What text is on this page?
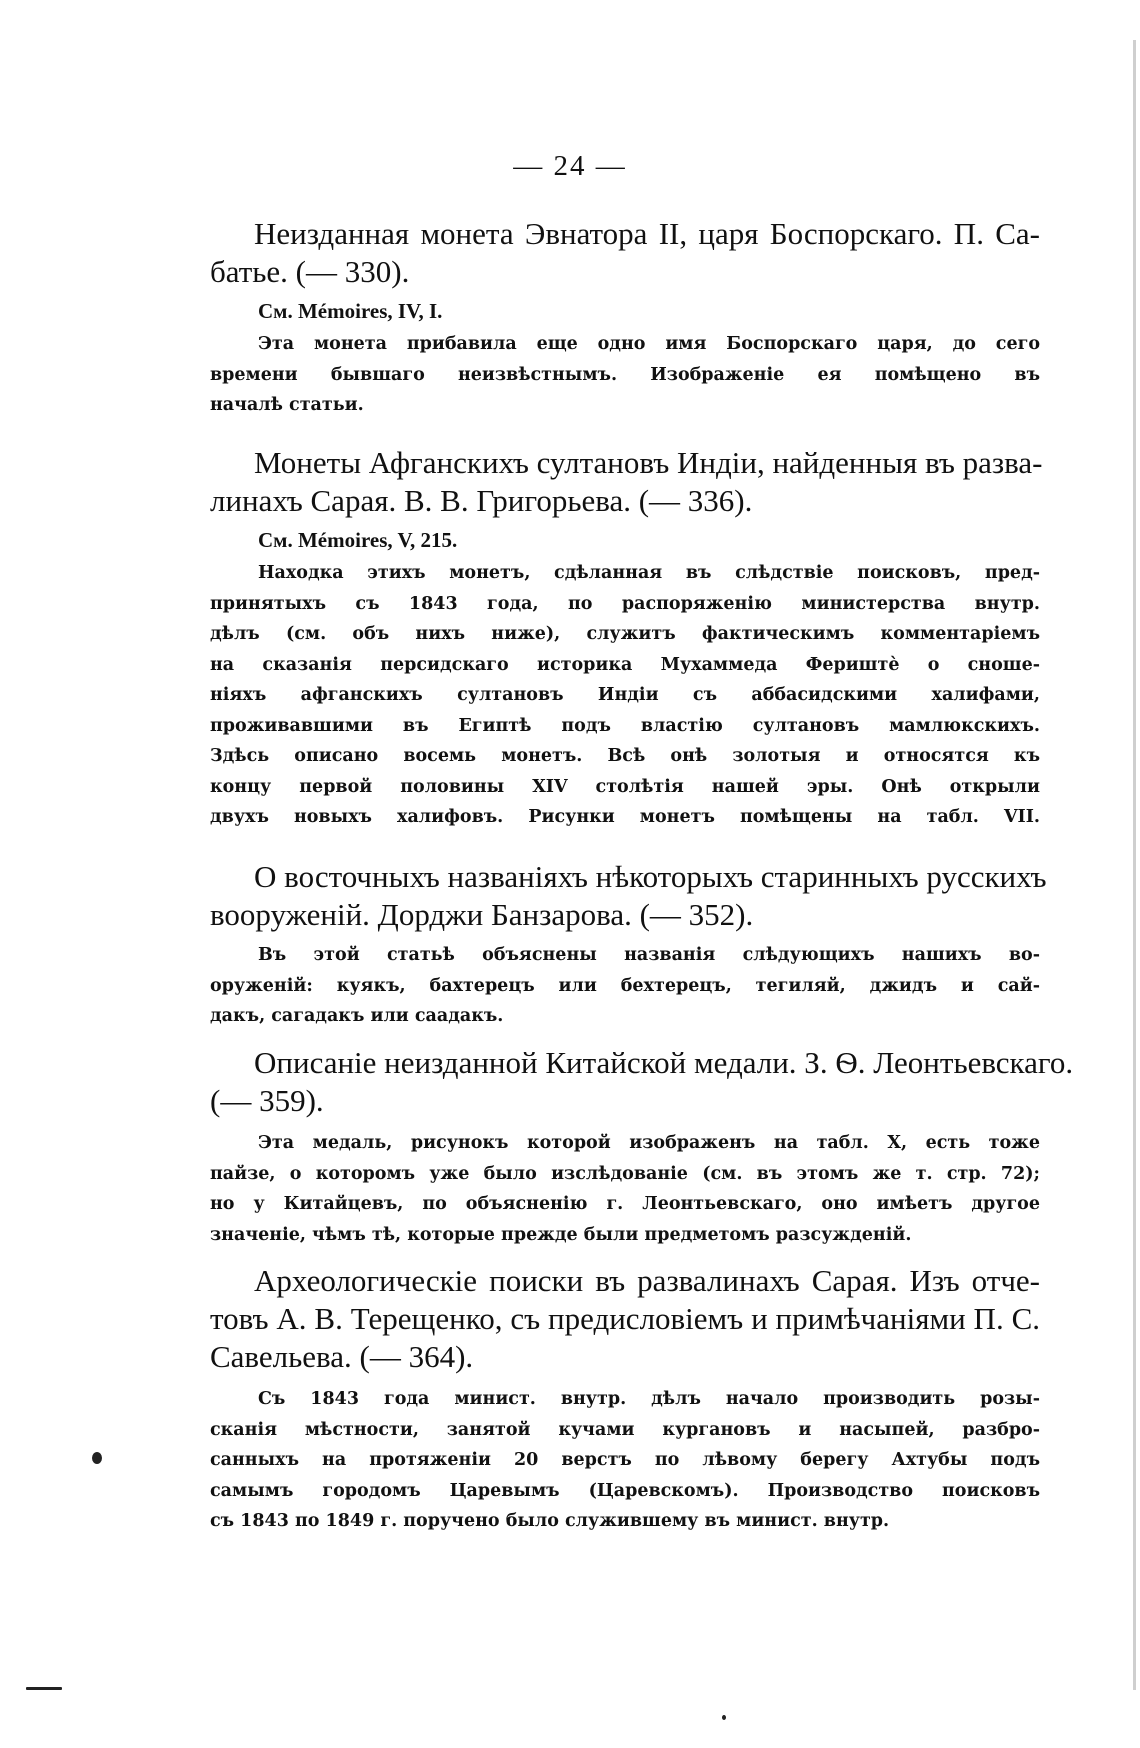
— 24 —
Неизданная монета Эвнатора II, царя Боспорскаго. П. Са-
батье. (— 330).
См. Mémoires, IV, I.
Эта монета прибавила еще одно имя Боспорскаго царя, до сего
времени бывшаго неизвѣстнымъ. Изображеніе ея помѣщено въ
началѣ статьи.
Монеты Афганскихъ султановъ Индіи, найденныя въ разва-
линахъ Сарая. В. В. Григорьева. (— 336).
См. Mémoires, V, 215.
Находка этихъ монетъ, сдѣланная въ слѣдствіе поисковъ, пред-
принятыхъ съ 1843 года, по распоряженію министерства внутр.
дѣлъ (см. объ нихъ ниже), служитъ фактическимъ комментаріемъ
на сказанія персидскаго историка Мухаммеда Фериштѐ о сноше-
ніяхъ афганскихъ султановъ Индіи съ аббасидскими халифами,
проживавшими въ Египтѣ подъ властію султановъ мамлюкскихъ.
Здѣсь описано восемь монетъ. Всѣ онѣ золотыя и относятся къ
концу первой половины XIV столѣтія нашей эры. Онѣ открыли
двухъ новыхъ халифовъ. Рисунки монетъ помѣщены на табл. VII.
О восточныхъ названіяхъ нѣкоторыхъ старинныхъ русскихъ
вооруженій. Дорджи Банзарова. (— 352).
Въ этой статьѣ объяснены названія слѣдующихъ нашихъ во-
оруженій: куякъ, бахтерецъ или бехтерецъ, тегиляй, джидъ и сай-
дакъ, сагадакъ или саадакъ.
Описаніе неизданной Китайской медали. З. Ѳ. Леонтьевскаго.
(— 359).
Эта медаль, рисунокъ которой изображенъ на табл. X, есть тоже
пайзе, о которомъ уже было изслѣдованіе (см. въ этомъ же т. стр. 72);
но у Китайцевъ, по объясненію г. Леонтьевскаго, оно имѣетъ другое
значеніе, чѣмъ тѣ, которые прежде были предметомъ разсужденій.
Археологическіе поиски въ развалинахъ Сарая. Изъ отче-
товъ А. В. Терещенко, съ предисловіемъ и примѣчаніями П. С.
Савельева. (— 364).
Съ 1843 года минист. внутр. дѣлъ начало производить розы-
сканія мѣстности, занятой кучами кургановъ и насыпей, разбро-
санныхъ на протяженіи 20 верстъ по лѣвому берегу Ахтубы подъ
самымъ городомъ Царевымъ (Царевскомъ). Производство поисковъ
съ 1843 по 1849 г. поручено было служившему въ минист. внутр.
